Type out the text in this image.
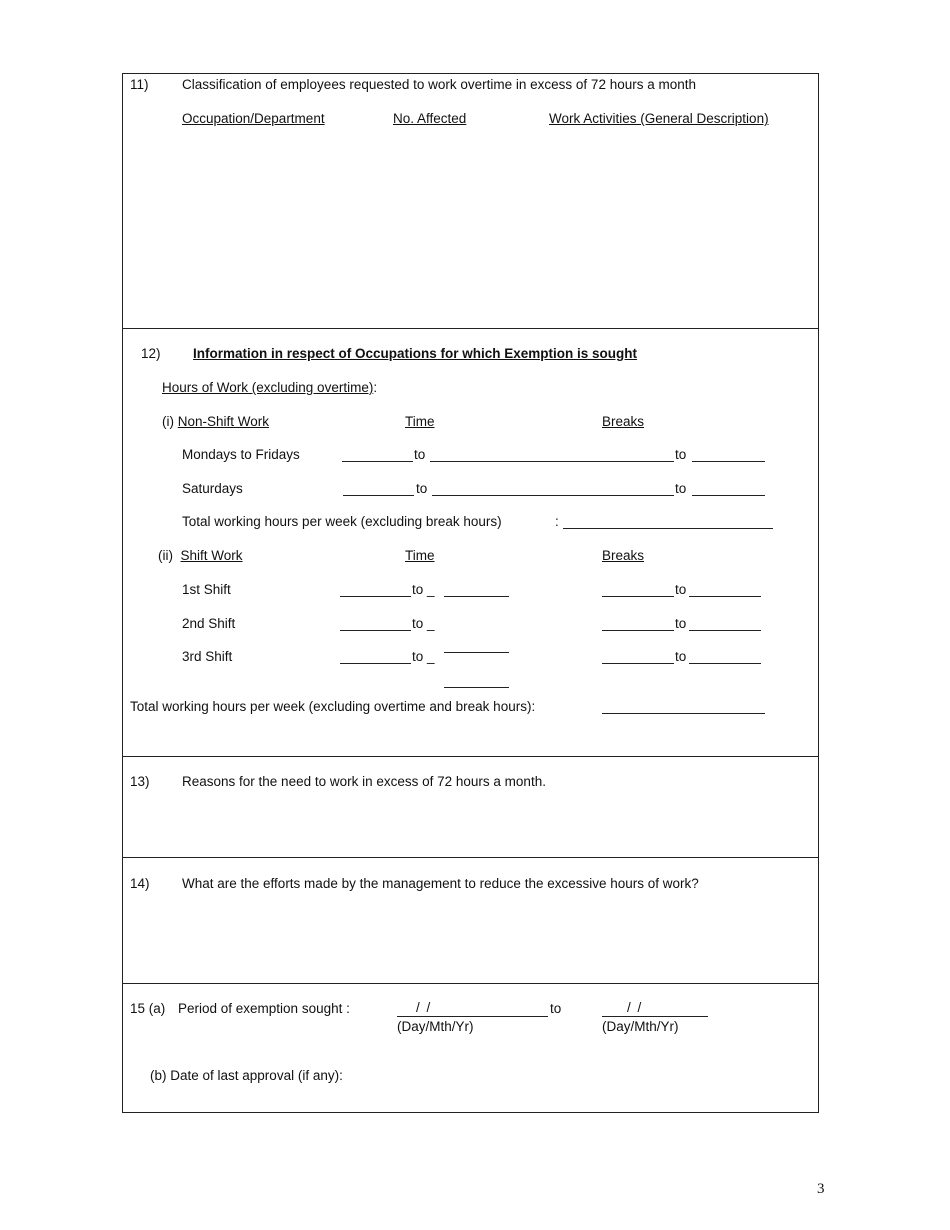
11) Classification of employees requested to work overtime in excess of 72 hours a month
Occupation/Department	No. Affected	Work Activities (General Description)
12) Information in respect of Occupations for which Exemption is sought
Hours of Work (excluding overtime):
(i) Non-Shift Work	Time	Breaks
Mondays to Fridays	to	to
Saturdays	to	to
Total working hours per week (excluding break hours)	:
(ii) Shift Work	Time	Breaks
1st Shift	to _	to
2nd Shift	to _	to
3rd Shift	to _	to
Total working hours per week (excluding overtime and break hours):
13) Reasons for the need to work in excess of 72 hours a month.
14) What are the efforts made by the management to reduce the excessive hours of work?
15 (a) Period of exemption sought :	/ /	to	/ /
(Day/Mth/Yr)	(Day/Mth/Yr)
(b) Date of last approval (if any):
3
